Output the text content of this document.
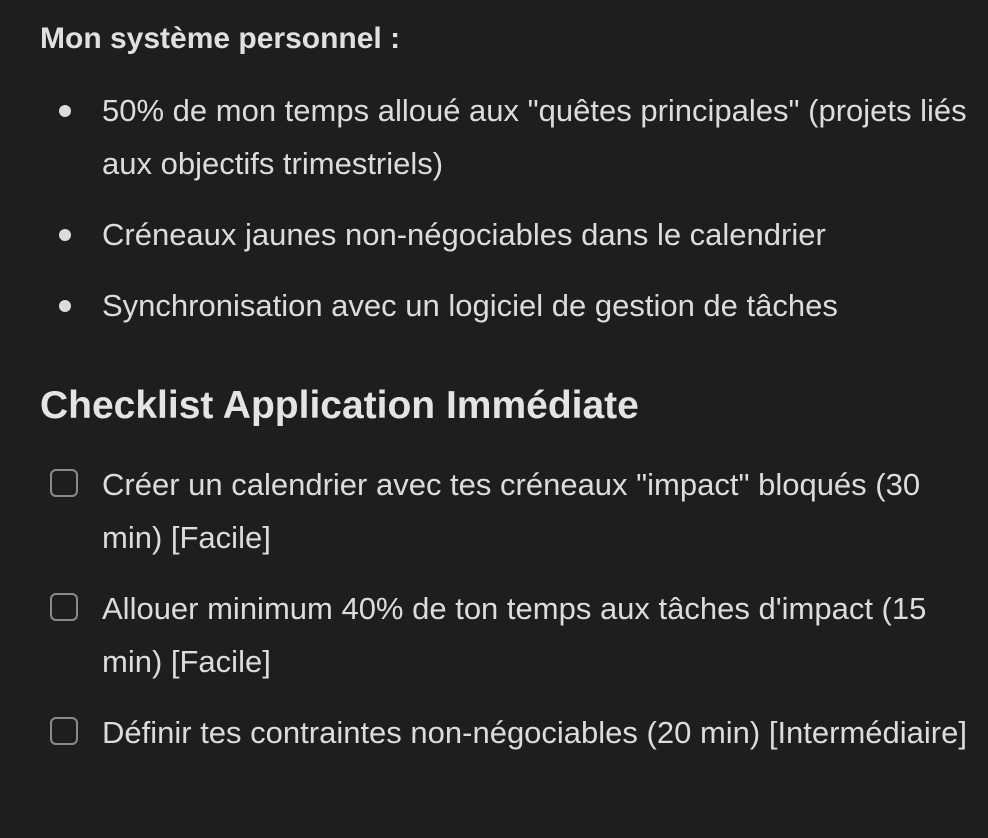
Mon système personnel :
50% de mon temps alloué aux "quêtes principales" (projets liés aux objectifs trimestriels)
Créneaux jaunes non-négociables dans le calendrier
Synchronisation avec un logiciel de gestion de tâches
Checklist Application Immédiate
Créer un calendrier avec tes créneaux "impact" bloqués (30 min) [Facile]
Allouer minimum 40% de ton temps aux tâches d'impact (15 min) [Facile]
Définir tes contraintes non-négociables (20 min) [Intermédiaire]
